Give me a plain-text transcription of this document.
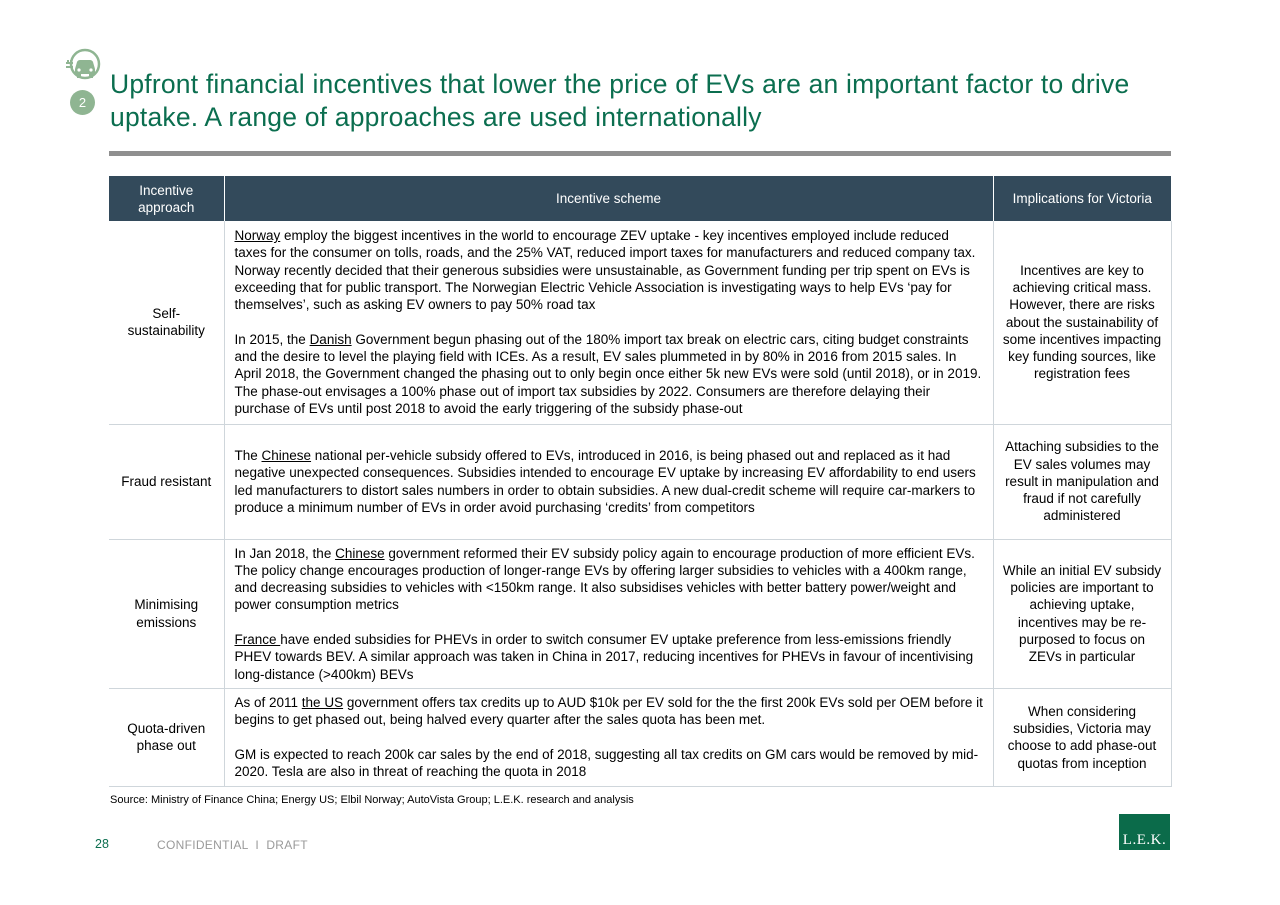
2
Upfront financial incentives that lower the price of EVs are an important factor to drive uptake. A range of approaches are used internationally
Incentive approach	Incentive scheme	Implications for Victoria
Self-sustainability	Norway employ the biggest incentives in the world to encourage ZEV uptake - key incentives employed include reduced taxes for the consumer on tolls, roads, and the 25% VAT, reduced import taxes for manufacturers and reduced company tax. Norway recently decided that their generous subsidies were unsustainable, as Government funding per trip spent on EVs is exceeding that for public transport. The Norwegian Electric Vehicle Association is investigating ways to help EVs ‘pay for themselves’, such as asking EV owners to pay 50% road tax
In 2015, the Danish Government begun phasing out of the 180% import tax break on electric cars, citing budget constraints and the desire to level the playing field with ICEs. As a result, EV sales plummeted in by 80% in 2016 from 2015 sales. In April 2018, the Government changed the phasing out to only begin once either 5k new EVs were sold (until 2018), or in 2019. The phase-out envisages a 100% phase out of import tax subsidies by 2022. Consumers are therefore delaying their purchase of EVs until post 2018 to avoid the early triggering of the subsidy phase-out	Incentives are key to achieving critical mass. However, there are risks about the sustainability of some incentives impacting key funding sources, like registration fees
Fraud resistant	The Chinese national per-vehicle subsidy offered to EVs, introduced in 2016, is being phased out and replaced as it had negative unexpected consequences. Subsidies intended to encourage EV uptake by increasing EV affordability to end users led manufacturers to distort sales numbers in order to obtain subsidies. A new dual-credit scheme will require car-markers to produce a minimum number of EVs in order avoid purchasing ‘credits’ from competitors	Attaching subsidies to the EV sales volumes may result in manipulation and fraud if not carefully administered
Minimising emissions	In Jan 2018, the Chinese government reformed their EV subsidy policy again to encourage production of more efficient EVs. The policy change encourages production of longer-range EVs by offering larger subsidies to vehicles with a 400km range, and decreasing subsidies to vehicles with <150km range. It also subsidises vehicles with better battery power/weight and power consumption metrics
France have ended subsidies for PHEVs in order to switch consumer EV uptake preference from less-emissions friendly PHEV towards BEV. A similar approach was taken in China in 2017, reducing incentives for PHEVs in favour of incentivising long-distance (>400km) BEVs	While an initial EV subsidy policies are important to achieving uptake, incentives may be re-purposed to focus on ZEVs in particular
Quota-driven phase out	As of 2011 the US government offers tax credits up to AUD $10k per EV sold for the the first 200k EVs sold per OEM before it begins to get phased out, being halved every quarter after the sales quota has been met.
GM is expected to reach 200k car sales by the end of 2018, suggesting all tax credits on GM cars would be removed by mid-2020. Tesla are also in threat of reaching the quota in 2018	When considering subsidies, Victoria may choose to add phase-out quotas from inception
Source: Ministry of Finance China; Energy US; Elbil Norway; AutoVista Group; L.E.K. research and analysis
28	CONFIDENTIAL  I  DRAFT	L.E.K.
